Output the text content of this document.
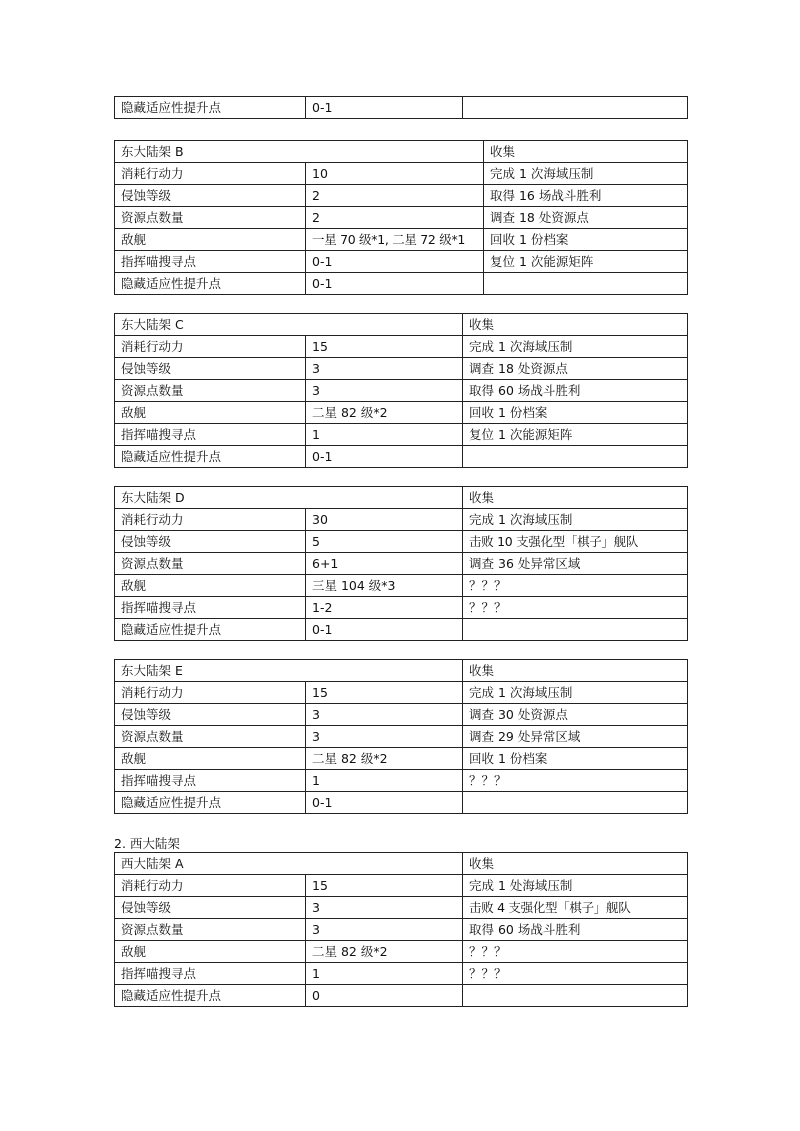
隐藏适应性提升点	0-1	
东大陆架 B		收集
消耗行动力	10	完成 1 次海域压制
侵蚀等级	2	取得 16 场战斗胜利
资源点数量	2	调查 18 处资源点
敌舰	一星 70 级*1, 二星 72 级*1	回收 1 份档案
指挥喵搜寻点	0-1	复位 1 次能源矩阵
隐藏适应性提升点	0-1	
东大陆架 C		收集
消耗行动力	15	完成 1 次海域压制
侵蚀等级	3	调查 18 处资源点
资源点数量	3	取得 60 场战斗胜利
敌舰	二星 82 级*2	回收 1 份档案
指挥喵搜寻点	1	复位 1 次能源矩阵
隐藏适应性提升点	0-1	
东大陆架 D		收集
消耗行动力	30	完成 1 次海域压制
侵蚀等级	5	击败 10 支强化型「棋子」舰队
资源点数量	6+1	调查 36 处异常区域
敌舰	三星 104 级*3	？？？
指挥喵搜寻点	1-2	？？？
隐藏适应性提升点	0-1	
东大陆架 E		收集
消耗行动力	15	完成 1 次海域压制
侵蚀等级	3	调查 30 处资源点
资源点数量	3	调查 29 处异常区域
敌舰	二星 82 级*2	回收 1 份档案
指挥喵搜寻点	1	？？？
隐藏适应性提升点	0-1	
2. 西大陆架
西大陆架 A		收集
消耗行动力	15	完成 1 处海域压制
侵蚀等级	3	击败 4 支强化型「棋子」舰队
资源点数量	3	取得 60 场战斗胜利
敌舰	二星 82 级*2	？？？
指挥喵搜寻点	1	？？？
隐藏适应性提升点	0	
